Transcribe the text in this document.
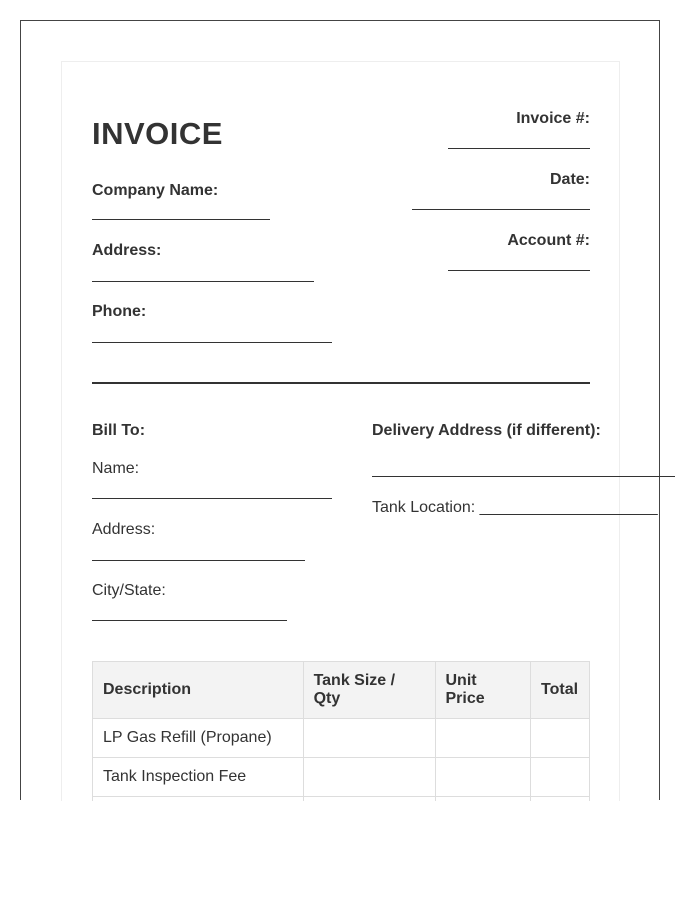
INVOICE	Invoice #:
Date:
Account #:
Company Name:
Address:
Phone:
Bill To:
Name:
Address:
City/State:
Delivery Address (if different):
Tank Location: ____________________
Description	Tank Size / Qty	Unit Price	Total
LP Gas Refill (Propane)			
Tank Inspection Fee			
